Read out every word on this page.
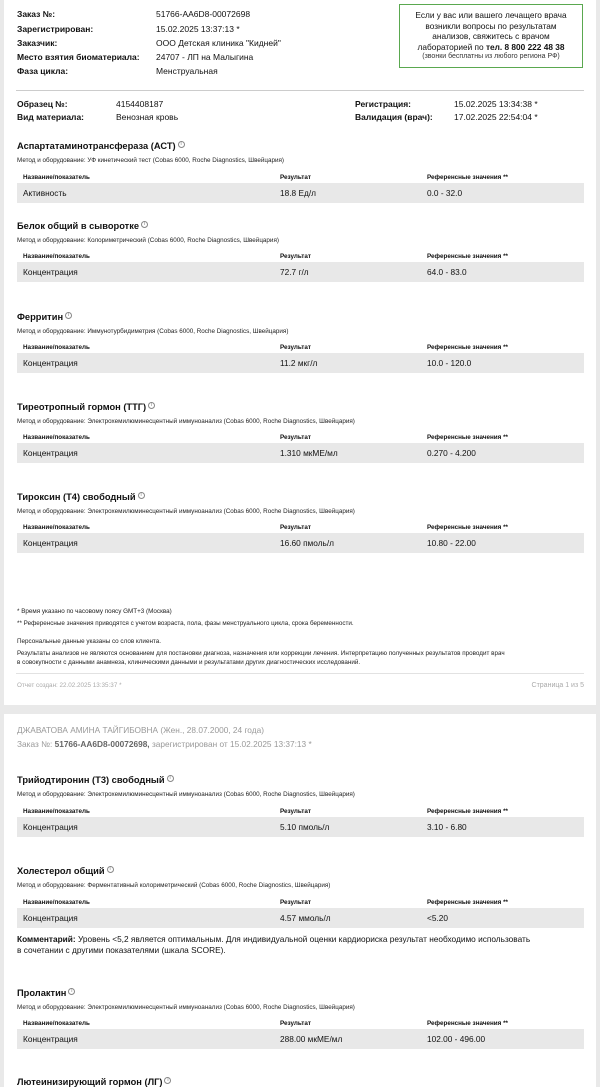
Заказ №:	51766-AA6D8-00072698
Зарегистрирован:	15.02.2025 13:37:13 *
Заказчик:	ООО Детская клиника "Кидней"
Место взятия биоматериала: 24707 - ЛП на Малыгина
Фаза цикла:	Менструальная
Если у вас или вашего лечащего врача
возникли вопросы по результатам
анализов, свяжитесь с врачом
лабораторией по тел. 8 800 222 48 38
(звонки бесплатны из любого региона РФ)
Образец №:	4154408187
Вид материала:	Венозная кровь
Регистрация:	15.02.2025 13:34:38 *
Валидация (врач):	17.02.2025 22:54:04 *
Аспартатаминотрансфераза (АСТ) i
Метод и оборудование: УФ кинетический тест (Cobas 6000, Roche Diagnostics, Швейцария)
Название/показатель	Результат	Референсные значения **
Активность	18.8 Ед/л	0.0 - 32.0
Белок общий в сыворотке i
Метод и оборудование: Колориметрический (Cobas 6000, Roche Diagnostics, Швейцария)
Название/показатель	Результат	Референсные значения **
Концентрация	72.7 г/л	64.0 - 83.0
Ферритин i
Метод и оборудование: Иммунотурбидиметрия (Cobas 6000, Roche Diagnostics, Швейцария)
Название/показатель	Результат	Референсные значения **
Концентрация	11.2 мкг/л	10.0 - 120.0
Тиреотропный гормон (ТТГ) i
Метод и оборудование: Электрохемилюминесцентный иммуноанализ (Cobas 6000, Roche Diagnostics, Швейцария)
Название/показатель	Результат	Референсные значения **
Концентрация	1.310 мкМЕ/мл	0.270 - 4.200
Тироксин (Т4) свободный i
Метод и оборудование: Электрохемилюминесцентный иммуноанализ (Cobas 6000, Roche Diagnostics, Швейцария)
Название/показатель	Результат	Референсные значения **
Концентрация	16.60 пмоль/л	10.80 - 22.00
* Время указано по часовому поясу GMT+3 (Москва)
** Референсные значения приводятся с учетом возраста, пола, фазы менструального цикла, срока беременности.
Персональные данные указаны со слов клиента.
Результаты анализов не являются основанием для постановки диагноза, назначения или коррекции лечения. Интерпретацию полученных результатов проводит врач
в совокупности с данными анамнеза, клиническими данными и результатами других диагностических исследований.
Отчет создан: 22.02.2025 13:35:37 *	Страница 1 из 5
ДЖАВАТОВА АМИНА ТАЙГИБОВНА (Жен., 28.07.2000, 24 года)
Заказ №: 51766-AA6D8-00072698, зарегистрирован от 15.02.2025 13:37:13 *
Трийодтиронин (Т3) свободный i
Метод и оборудование: Электрохемилюминесцентный иммуноанализ (Cobas 6000, Roche Diagnostics, Швейцария)
Название/показатель	Результат	Референсные значения **
Концентрация	5.10 пмоль/л	3.10 - 6.80
Холестерол общий i
Метод и оборудование: Ферментативный колориметрический (Cobas 6000, Roche Diagnostics, Швейцария)
Название/показатель	Результат	Референсные значения **
Концентрация	4.57 ммоль/л	<5.20
Комментарий: Уровень <5,2 является оптимальным. Для индивидуальной оценки кардиориска результат необходимо использовать
в сочетании с другими показателями (шкала SCORE).
Пролактин i
Метод и оборудование: Электрохемилюминесцентный иммуноанализ (Cobas 6000, Roche Diagnostics, Швейцария)
Название/показатель	Результат	Референсные значения **
Концентрация	288.00 мкМЕ/мл	102.00 - 496.00
Лютеинизирующий гормон (ЛГ) i
